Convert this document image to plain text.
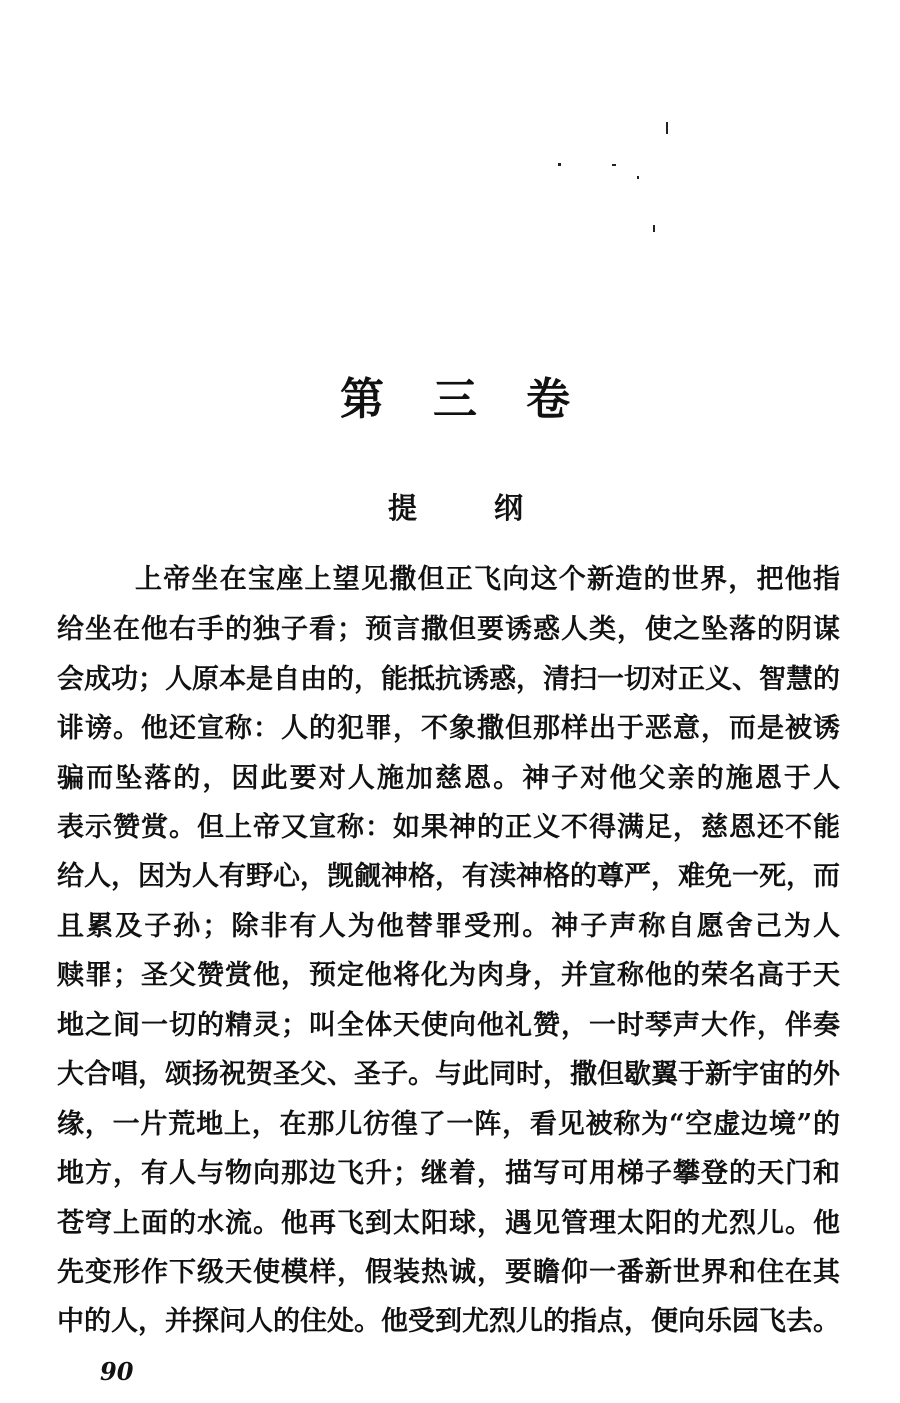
第 三 卷
提 纲
上帝坐在宝座上望见撒但正飞向这个新造的世界，把他指
给坐在他右手的独子看；预言撒但要诱惑人类，使之坠落的阴谋
会成功；人原本是自由的，能抵抗诱惑，清扫一切对正义、智慧的
诽谤。他还宣称：人的犯罪，不象撒但那样出于恶意，而是被诱
骗而坠落的，因此要对人施加慈恩。神子对他父亲的施恩于人
表示赞赏。但上帝又宣称：如果神的正义不得满足，慈恩还不能
给人，因为人有野心，觊觎神格，有渎神格的尊严，难免一死，而
且累及子孙；除非有人为他替罪受刑。神子声称自愿舍己为人
赎罪；圣父赞赏他，预定他将化为肉身，并宣称他的荣名高于天
地之间一切的精灵；叫全体天使向他礼赞，一时琴声大作，伴奏
大合唱，颂扬祝贺圣父、圣子。与此同时，撒但歇翼于新宇宙的外
缘，一片荒地上，在那儿彷徨了一阵，看见被称为“空虚边境”的
地方，有人与物向那边飞升；继着，描写可用梯子攀登的天门和
苍穹上面的水流。他再飞到太阳球，遇见管理太阳的尤烈儿。他
先变形作下级天使模样，假装热诚，要瞻仰一番新世界和住在其
中的人，并探问人的住处。他受到尤烈儿的指点，便向乐园飞去。
90
